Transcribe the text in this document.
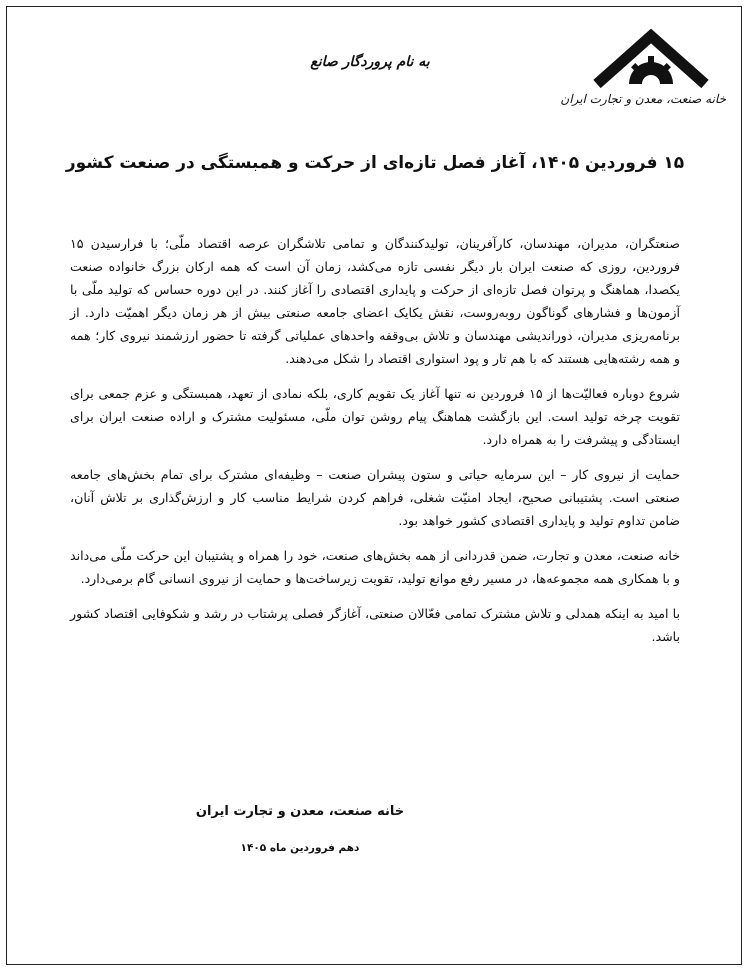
خانه صنعت، معدن و تجارت ایران
به نام پروردگار صانع
۱۵ فروردین ۱۴۰۵، آغاز فصل تازه‌ای از حرکت و همبستگی در صنعت کشور

صنعتگران، مدیران، مهندسان، کارآفرینان، تولیدکنندگان و تمامی تلاشگران عرصه اقتصاد ملّی؛ با فرارسیدن ۱۵ فروردین، روزی که صنعت ایران بار دیگر نفسی تازه می‌کشد، زمان آن است که همه ارکان بزرگ خانواده صنعت یکصدا، هماهنگ و پرتوان فصل تازه‌ای از حرکت و پایداری اقتصادی را آغاز کنند. در این دوره حساس که تولید ملّی با آزمون‌ها و فشارهای گوناگون روبه‌روست، نقش یکایک اعضای جامعه صنعتی بیش از هر زمان دیگر اهمیّت دارد. از برنامه‌ریزی مدیران، دوراندیشی مهندسان و تلاش بی‌وقفه واحدهای عملیاتی گرفته تا حضور ارزشمند نیروی کار؛ همه و همه رشته‌هایی هستند که با هم تار و پود استواری اقتصاد را شکل می‌دهند.

شروع دوباره فعالیّت‌ها از ۱۵ فروردین نه تنها آغاز یک تقویم کاری، بلکه نمادی از تعهد، همبستگی و عزم جمعی برای تقویت چرخه تولید است. این بازگشت هماهنگ پیام روشن توان ملّی، مسئولیت مشترک و اراده صنعت ایران برای ایستادگی و پیشرفت را به همراه دارد.

حمایت از نیروی کار – این سرمایه حیاتی و ستون پیشران صنعت – وظیفه‌ای مشترک برای تمام بخش‌های جامعه صنعتی است. پشتیبانی صحیح، ایجاد امنیّت شغلی، فراهم کردن شرایط مناسب کار و ارزش‌گذاری بر تلاش آنان، ضامن تداوم تولید و پایداری اقتصادی کشور خواهد بود.

خانه صنعت، معدن و تجارت، ضمن قدردانی از همه بخش‌های صنعت، خود را همراه و پشتیبان این حرکت ملّی می‌داند و با همکاری همه مجموعه‌ها، در مسیر رفع موانع تولید، تقویت زیرساخت‌ها و حمایت از نیروی انسانی گام برمی‌دارد.

با امید به اینکه همدلی و تلاش مشترک تمامی فعّالان صنعتی، آغازگر فصلی پرشتاب در رشد و شکوفایی اقتصاد کشور باشد.

خانه صنعت، معدن و تجارت ایران
دهم فروردین ماه ۱۴۰۵
